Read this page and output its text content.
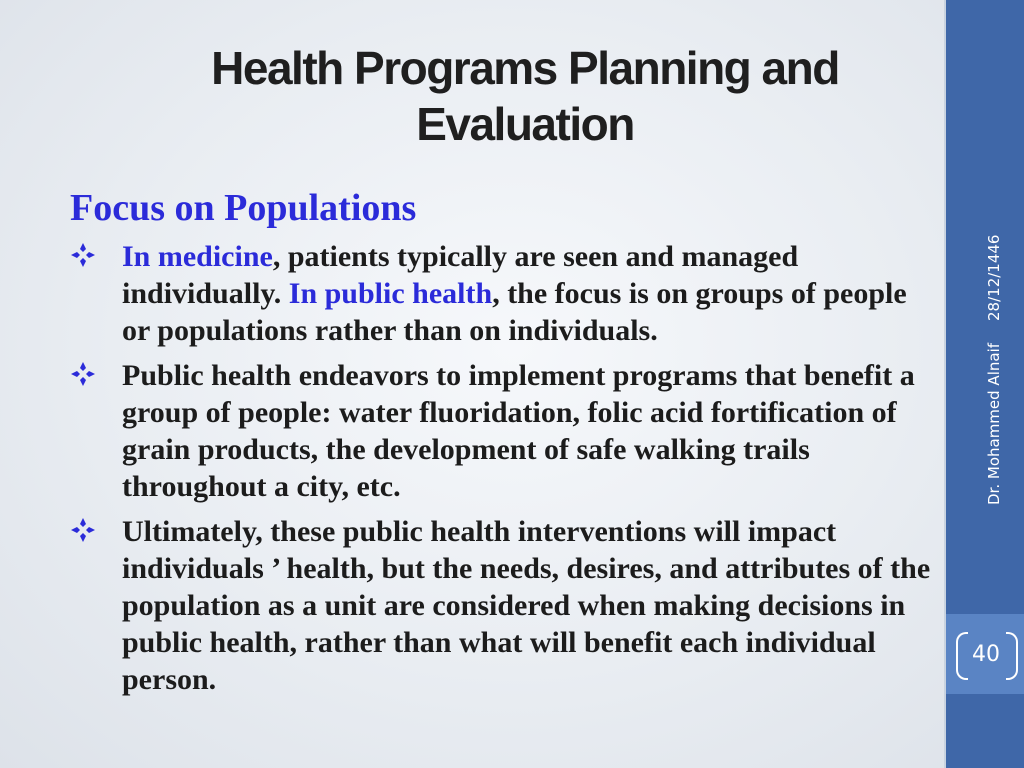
Health Programs Planning and
Evaluation
Focus on Populations
In medicine, patients typically are seen and managed individually. In public health, the focus is on groups of people or populations rather than on individuals.
Public health endeavors to implement programs that benefit a group of people: water fluoridation, folic acid fortification of grain products, the development of safe walking trails throughout a city, etc.
Ultimately, these public health interventions will impact individuals ’ health, but the needs, desires, and attributes of the population as a unit are considered when making decisions in public health, rather than what will benefit each individual person.
Dr. Mohammed Alnaif28/12/1446
40
